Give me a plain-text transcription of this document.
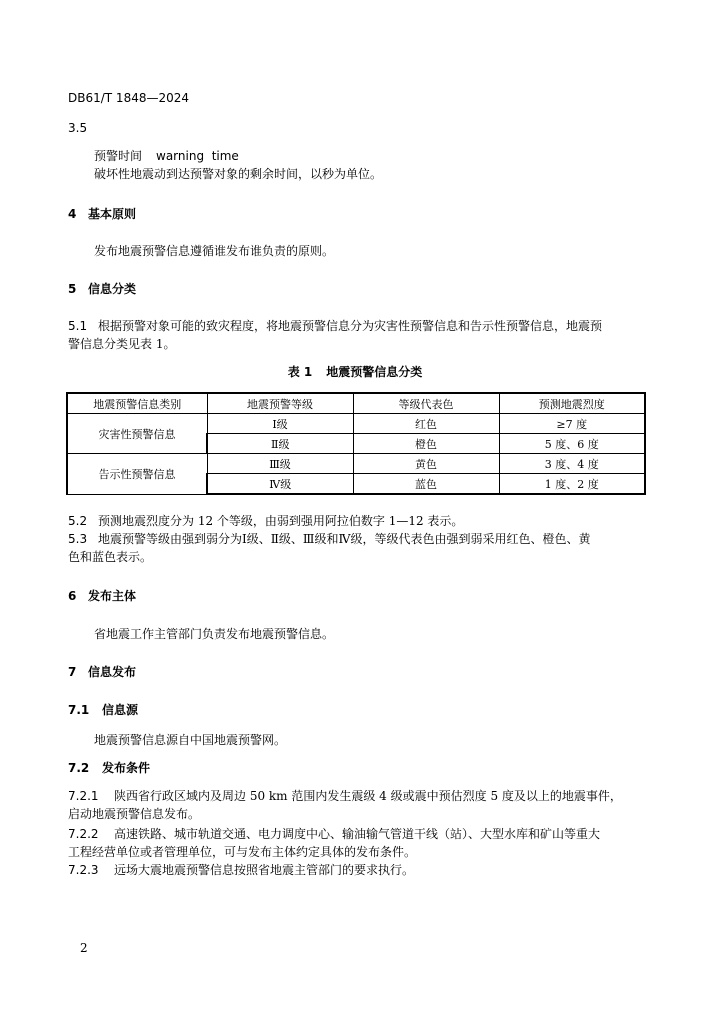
DB61/T 1848—2024
3.5
预警时间 warning  time
破坏性地震动到达预警对象的剩余时间，以秒为单位。
4 基本原则
发布地震预警信息遵循谁发布谁负责的原则。
5 信息分类
5.1 根据预警对象可能的致灾程度，将地震预警信息分为灾害性预警信息和告示性预警信息，地震预
警信息分类见表 1。
表 1 地震预警信息分类
地震预警信息类别	地震预警等级	等级代表色	预测地震烈度
灾害性预警信息	Ⅰ级	红色	≥7 度
	Ⅱ级	橙色	5 度、6 度
告示性预警信息	Ⅲ级	黄色	3 度、4 度
	Ⅳ级	蓝色	1 度、2 度
5.2 预测地震烈度分为 12 个等级，由弱到强用阿拉伯数字 1—12 表示。
5.3 地震预警等级由强到弱分为Ⅰ级、Ⅱ级、Ⅲ级和Ⅳ级，等级代表色由强到弱采用红色、橙色、黄
色和蓝色表示。
6 发布主体
省地震工作主管部门负责发布地震预警信息。
7 信息发布
7.1 信息源
地震预警信息源自中国地震预警网。
7.2 发布条件
7.2.1 陕西省行政区域内及周边 50 km 范围内发生震级 4 级或震中预估烈度 5 度及以上的地震事件，
启动地震预警信息发布。
7.2.2 高速铁路、城市轨道交通、电力调度中心、输油输气管道干线（站）、大型水库和矿山等重大
工程经营单位或者管理单位，可与发布主体约定具体的发布条件。
7.2.3 远场大震地震预警信息按照省地震主管部门的要求执行。
2
